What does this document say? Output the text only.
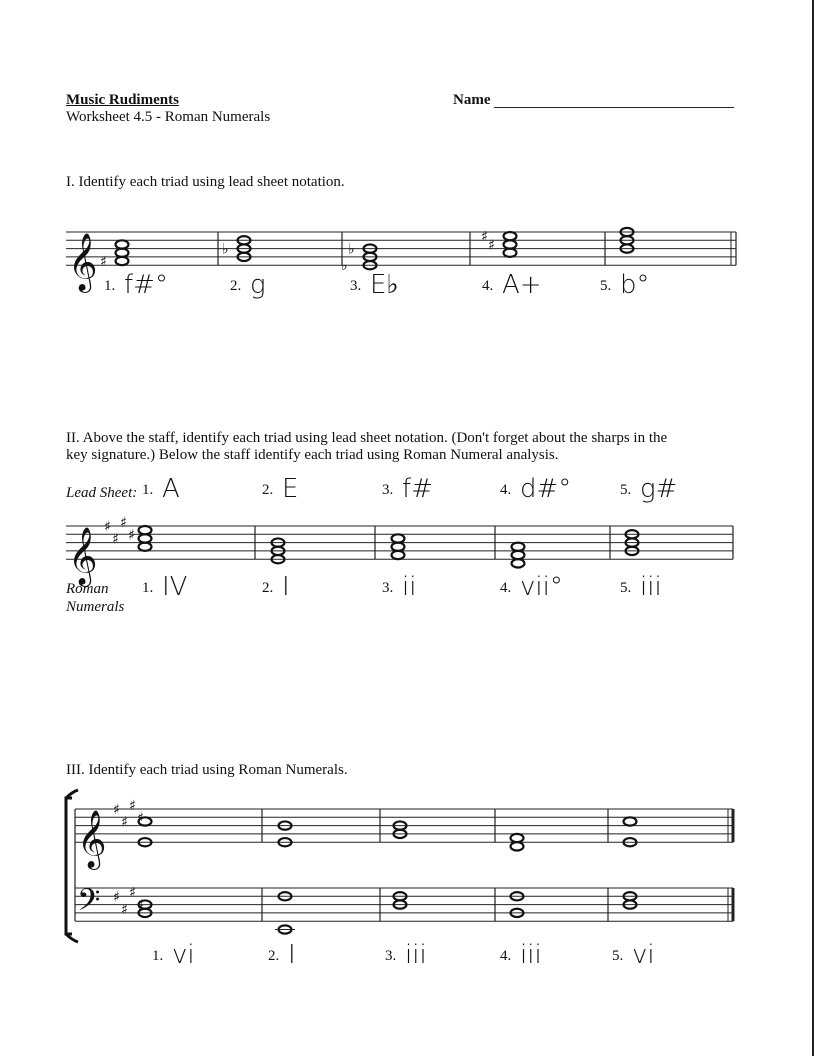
Music Rudiments
Worksheet 4.5 - Roman Numerals
Name
I. Identify each triad using lead sheet notation.
1. f#°	2. g	3. E♭	4. A+	5. b°
II. Above the staff, identify each triad using lead sheet notation. (Don't forget about the sharps in the
key signature.) Below the staff identify each triad using Roman Numeral analysis.
Lead Sheet:
Roman
Numerals
1. A	2. E	3. f#	4. d#°	5. g#
1. IV	2. I	3. ii	4. vii°	5. iii
III. Identify each triad using Roman Numerals.
1. vi	2. I	3. iii	4. iii	5. vi
𝄞 ♯
♭	♭
♭
♯
♯
𝄞 ♯
♯
♯
♯
𝄞 ♯
♯
♯
♯
𝄢 ♯
♯
♯
♯
